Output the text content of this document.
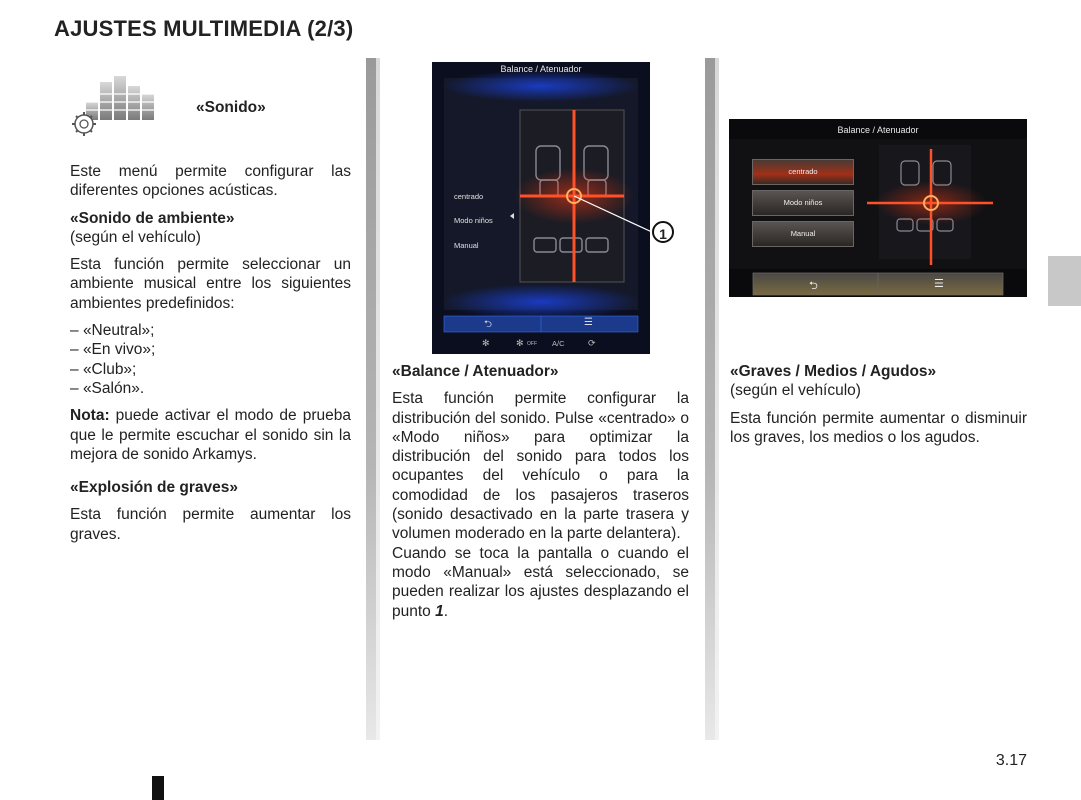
AJUSTES MULTIMEDIA (2/3)
«Sonido»

Este menú permite configurar las diferentes opciones acústicas.

«Sonido de ambiente»
(según el vehículo)

Esta función permite seleccionar un ambiente musical entre los siguientes ambientes predefinidos:

– «Neutral»;
– «En vivo»;
– «Club»;
– «Salón».

Nota: puede activar el modo de prueba que le permite escuchar el sonido sin la mejora de sonido Arkamys.

«Explosión de graves»

Esta función permite aumentar los graves.

Balance / Atenuador
centrado
Modo niños
Manual
⮌	☰
✻	✻ OFF A/C	⟳
1

«Balance / Atenuador»

Esta función permite configurar la distribución del sonido. Pulse «centrado» o «Modo niños» para optimizar la distribución del sonido para todos los ocupantes del vehículo o para la comodidad de los pasajeros traseros (sonido desactivado en la parte trasera y volumen moderado en la parte delantera).

Cuando se toca la pantalla o cuando el modo «Manual» está seleccionado, se pueden realizar los ajustes desplazando el punto 1.

Balance / Atenuador
centrado
Modo niños
Manual
⮌	☰

«Graves / Medios / Agudos»
(según el vehículo)

Esta función permite aumentar o disminuir los graves, los medios o los agudos.

3.17
